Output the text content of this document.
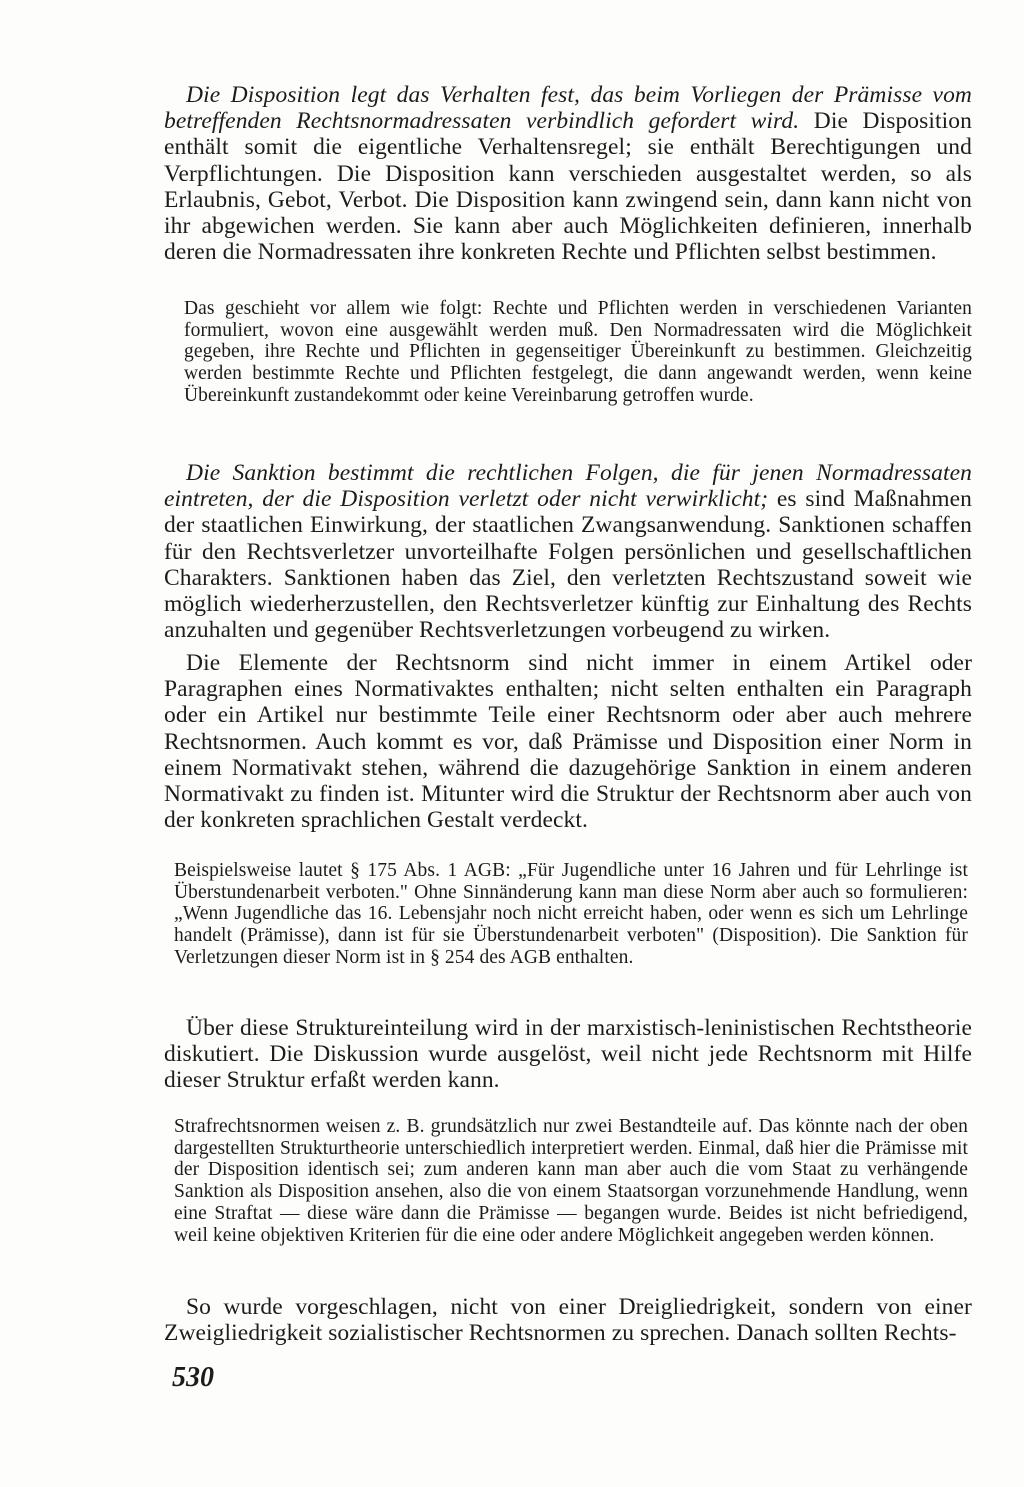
Die Disposition legt das Verhalten fest, das beim Vorliegen der Prämisse vom betreffenden Rechtsnormadressaten verbindlich gefordert wird. Die Disposition enthält somit die eigentliche Verhaltensregel; sie enthält Berechtigungen und Verpflichtungen. Die Disposition kann verschieden ausgestaltet werden, so als Erlaubnis, Gebot, Verbot. Die Disposition kann zwingend sein, dann kann nicht von ihr abgewichen werden. Sie kann aber auch Möglichkeiten definieren, innerhalb deren die Normadressaten ihre konkreten Rechte und Pflichten selbst bestimmen.

Das geschieht vor allem wie folgt: Rechte und Pflichten werden in verschiedenen Varianten formuliert, wovon eine ausgewählt werden muß. Den Normadressaten wird die Möglichkeit gegeben, ihre Rechte und Pflichten in gegenseitiger Übereinkunft zu bestimmen. Gleichzeitig werden bestimmte Rechte und Pflichten festgelegt, die dann angewandt werden, wenn keine Übereinkunft zustandekommt oder keine Vereinbarung getroffen wurde.

Die Sanktion bestimmt die rechtlichen Folgen, die für jenen Normadressaten eintreten, der die Disposition verletzt oder nicht verwirklicht; es sind Maßnahmen der staatlichen Einwirkung, der staatlichen Zwangsanwendung. Sanktionen schaffen für den Rechtsverletzer unvorteilhafte Folgen persönlichen und gesellschaftlichen Charakters. Sanktionen haben das Ziel, den verletzten Rechtszustand soweit wie möglich wiederherzustellen, den Rechtsverletzer künftig zur Einhaltung des Rechts anzuhalten und gegenüber Rechtsverletzungen vorbeugend zu wirken.

Die Elemente der Rechtsnorm sind nicht immer in einem Artikel oder Paragraphen eines Normativaktes enthalten; nicht selten enthalten ein Paragraph oder ein Artikel nur bestimmte Teile einer Rechtsnorm oder aber auch mehrere Rechtsnormen. Auch kommt es vor, daß Prämisse und Disposition einer Norm in einem Normativakt stehen, während die dazugehörige Sanktion in einem anderen Normativakt zu finden ist. Mitunter wird die Struktur der Rechtsnorm aber auch von der konkreten sprachlichen Gestalt verdeckt.

Beispielsweise lautet § 175 Abs. 1 AGB: „Für Jugendliche unter 16 Jahren und für Lehrlinge ist Überstundenarbeit verboten." Ohne Sinnänderung kann man diese Norm aber auch so formulieren: „Wenn Jugendliche das 16. Lebensjahr noch nicht erreicht haben, oder wenn es sich um Lehrlinge handelt (Prämisse), dann ist für sie Überstundenarbeit verboten" (Disposition). Die Sanktion für Verletzungen dieser Norm ist in § 254 des AGB enthalten.

Über diese Struktureinteilung wird in der marxistisch-leninistischen Rechtstheorie diskutiert. Die Diskussion wurde ausgelöst, weil nicht jede Rechtsnorm mit Hilfe dieser Struktur erfaßt werden kann.

Strafrechtsnormen weisen z. B. grundsätzlich nur zwei Bestandteile auf. Das könnte nach der oben dargestellten Strukturtheorie unterschiedlich interpretiert werden. Einmal, daß hier die Prämisse mit der Disposition identisch sei; zum anderen kann man aber auch die vom Staat zu verhängende Sanktion als Disposition ansehen, also die von einem Staatsorgan vorzunehmende Handlung, wenn eine Straftat — diese wäre dann die Prämisse — begangen wurde. Beides ist nicht befriedigend, weil keine objektiven Kriterien für die eine oder andere Möglichkeit angegeben werden können.

So wurde vorgeschlagen, nicht von einer Dreigliedrigkeit, sondern von einer Zweigliedrigkeit sozialistischer Rechtsnormen zu sprechen. Danach sollten Rechts-

530
